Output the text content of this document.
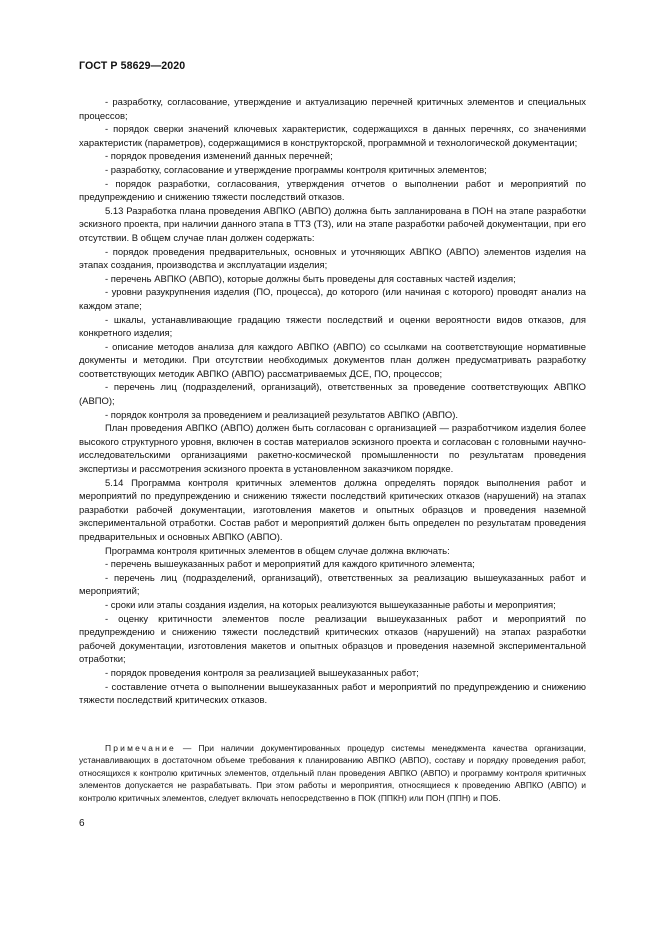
ГОСТ Р 58629—2020

- разработку, согласование, утверждение и актуализацию перечней критичных элементов и специальных процессов;

- порядок сверки значений ключевых характеристик, содержащихся в данных перечнях, со значениями характеристик (параметров), содержащимися в конструкторской, программной и технологической документации;

- порядок проведения изменений данных перечней;

- разработку, согласование и утверждение программы контроля критичных элементов;

- порядок разработки, согласования, утверждения отчетов о выполнении работ и мероприятий по предупреждению и снижению тяжести последствий отказов.

5.13 Разработка плана проведения АВПКО (АВПО) должна быть запланирована в ПОН на этапе разработки эскизного проекта, при наличии данного этапа в ТТЗ (ТЗ), или на этапе разработки рабочей документации, при его отсутствии. В общем случае план должен содержать:

- порядок проведения предварительных, основных и уточняющих АВПКО (АВПО) элементов изделия на этапах создания, производства и эксплуатации изделия;

- перечень АВПКО (АВПО), которые должны быть проведены для составных частей изделия;

- уровни разукрупнения изделия (ПО, процесса), до которого (или начиная с которого) проводят анализ на каждом этапе;

- шкалы, устанавливающие градацию тяжести последствий и оценки вероятности видов отказов, для конкретного изделия;

- описание методов анализа для каждого АВПКО (АВПО) со ссылками на соответствующие нормативные документы и методики. При отсутствии необходимых документов план должен предусматривать разработку соответствующих методик АВПКО (АВПО) рассматриваемых ДСЕ, ПО, процессов;

- перечень лиц (подразделений, организаций), ответственных за проведение соответствующих АВПКО (АВПО);

- порядок контроля за проведением и реализацией результатов АВПКО (АВПО).

План проведения АВПКО (АВПО) должен быть согласован с организацией — разработчиком изделия более высокого структурного уровня, включен в состав материалов эскизного проекта и согласован с головными научно-исследовательскими организациями ракетно-космической промышленности по результатам проведения экспертизы и рассмотрения эскизного проекта в установленном заказчиком порядке.

5.14 Программа контроля критичных элементов должна определять порядок выполнения работ и мероприятий по предупреждению и снижению тяжести последствий критических отказов (нарушений) на этапах разработки рабочей документации, изготовления макетов и опытных образцов и проведения наземной экспериментальной отработки. Состав работ и мероприятий должен быть определен по результатам проведения предварительных и основных АВПКО (АВПО).

Программа контроля критичных элементов в общем случае должна включать:

- перечень вышеуказанных работ и мероприятий для каждого критичного элемента;

- перечень лиц (подразделений, организаций), ответственных за реализацию вышеуказанных работ и мероприятий;

- сроки или этапы создания изделия, на которых реализуются вышеуказанные работы и мероприятия;

- оценку критичности элементов после реализации вышеуказанных работ и мероприятий по предупреждению и снижению тяжести последствий критических отказов (нарушений) на этапах разработки рабочей документации, изготовления макетов и опытных образцов и проведения наземной экспериментальной отработки;

- порядок проведения контроля за реализацией вышеуказанных работ;

- составление отчета о выполнении вышеуказанных работ и мероприятий по предупреждению и снижению тяжести последствий критических отказов.

Примечание — При наличии документированных процедур системы менеджмента качества организации, устанавливающих в достаточном объеме требования к планированию АВПКО (АВПО), составу и порядку проведения работ, относящихся к контролю критичных элементов, отдельный план проведения АВПКО (АВПО) и программу контроля критичных элементов допускается не разрабатывать. При этом работы и мероприятия, относящиеся к проведению АВПКО (АВПО) и контролю критичных элементов, следует включать непосредственно в ПОК (ППКН) или ПОН (ППН) и ПОБ.

6
